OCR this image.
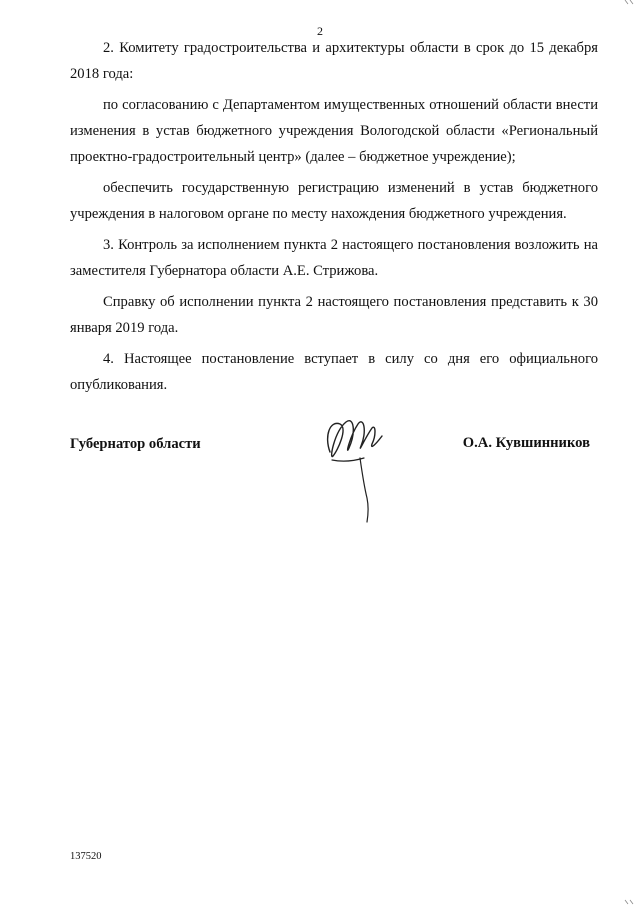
2

2. Комитету градостроительства и архитектуры области в срок до 15 декабря 2018 года:

по согласованию с Департаментом имущественных отношений области внести изменения в устав бюджетного учреждения Вологодской области «Региональный проектно-градостроительный центр» (далее – бюджетное учреждение);

обеспечить государственную регистрацию изменений в устав бюджетного учреждения в налоговом органе по месту нахождения бюджетного учреждения.

3. Контроль за исполнением пункта 2 настоящего постановления возложить на заместителя Губернатора области А.Е. Стрижова.

Справку об исполнении пункта 2 настоящего постановления представить к 30 января 2019 года.

4. Настоящее постановление вступает в силу со дня его официального опубликования.

Губернатор области	О.А. Кувшинников
137520
